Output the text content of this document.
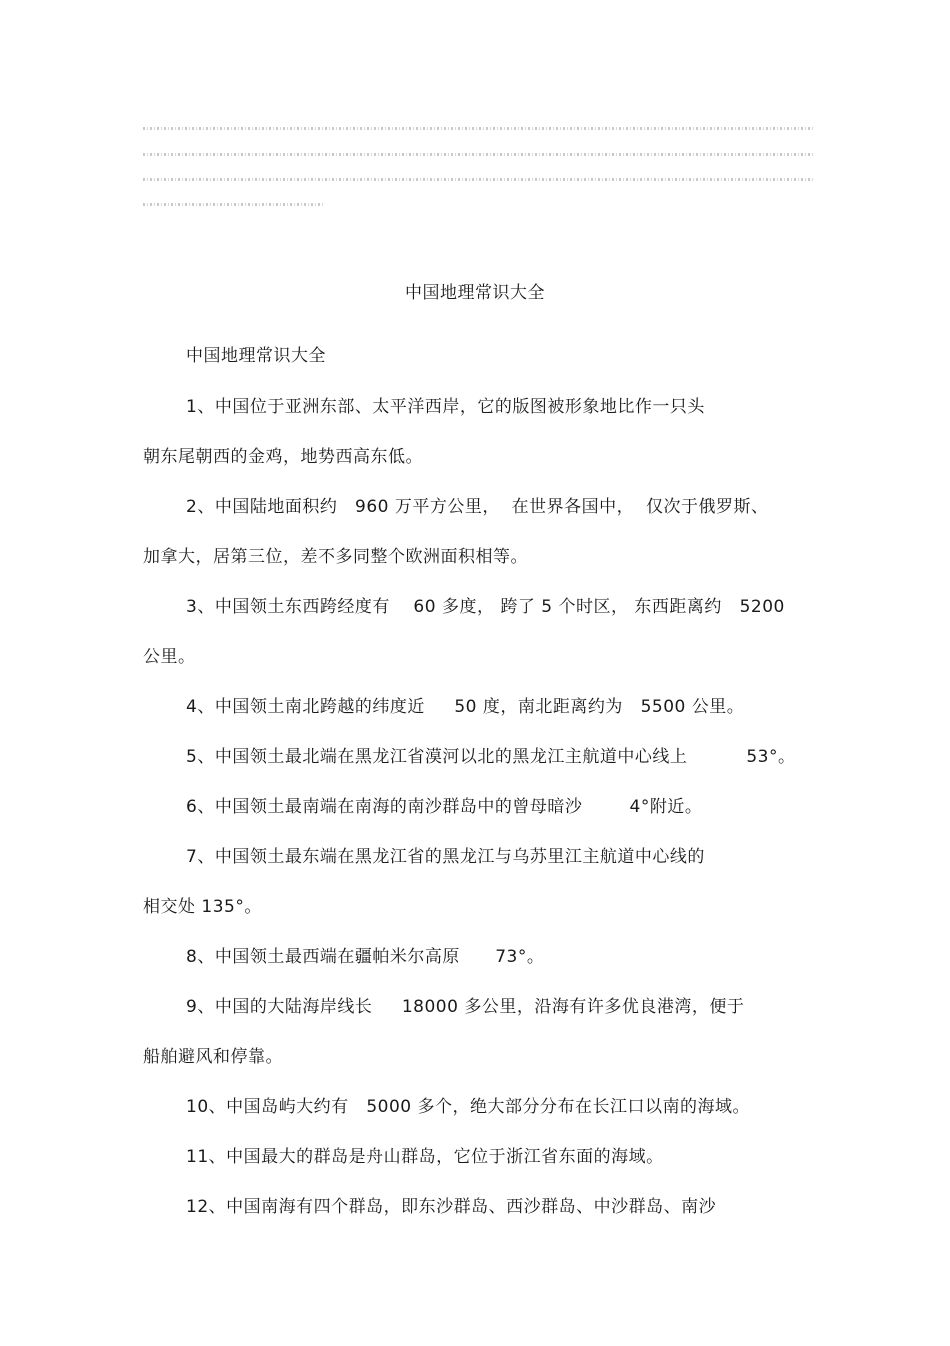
中国地理常识大全
中国地理常识大全
1、中国位于亚洲东部、太平洋西岸，它的版图被形象地比作一只头
朝东尾朝西的金鸡，地势西高东低。
2、中国陆地面积约   960 万平方公里，  在世界各国中，  仅次于俄罗斯、
加拿大，居第三位，差不多同整个欧洲面积相等。
3、中国领土东西跨经度有    60 多度， 跨了 5 个时区， 东西距离约   5200
公里。
4、中国领土南北跨越的纬度近     50 度，南北距离约为   5500 公里。
5、中国领土最北端在黑龙江省漠河以北的黑龙江主航道中心线上          53°。
6、中国领土最南端在南海的南沙群岛中的曾母暗沙        4°附近。
7、中国领土最东端在黑龙江省的黑龙江与乌苏里江主航道中心线的
相交处 135°。
8、中国领土最西端在疆帕米尔高原      73°。
9、中国的大陆海岸线长     18000 多公里，沿海有许多优良港湾，便于
船舶避风和停靠。
10、中国岛屿大约有   5000 多个，绝大部分分布在长江口以南的海域。
11、中国最大的群岛是舟山群岛，它位于浙江省东面的海域。
12、中国南海有四个群岛，即东沙群岛、西沙群岛、中沙群岛、南沙
